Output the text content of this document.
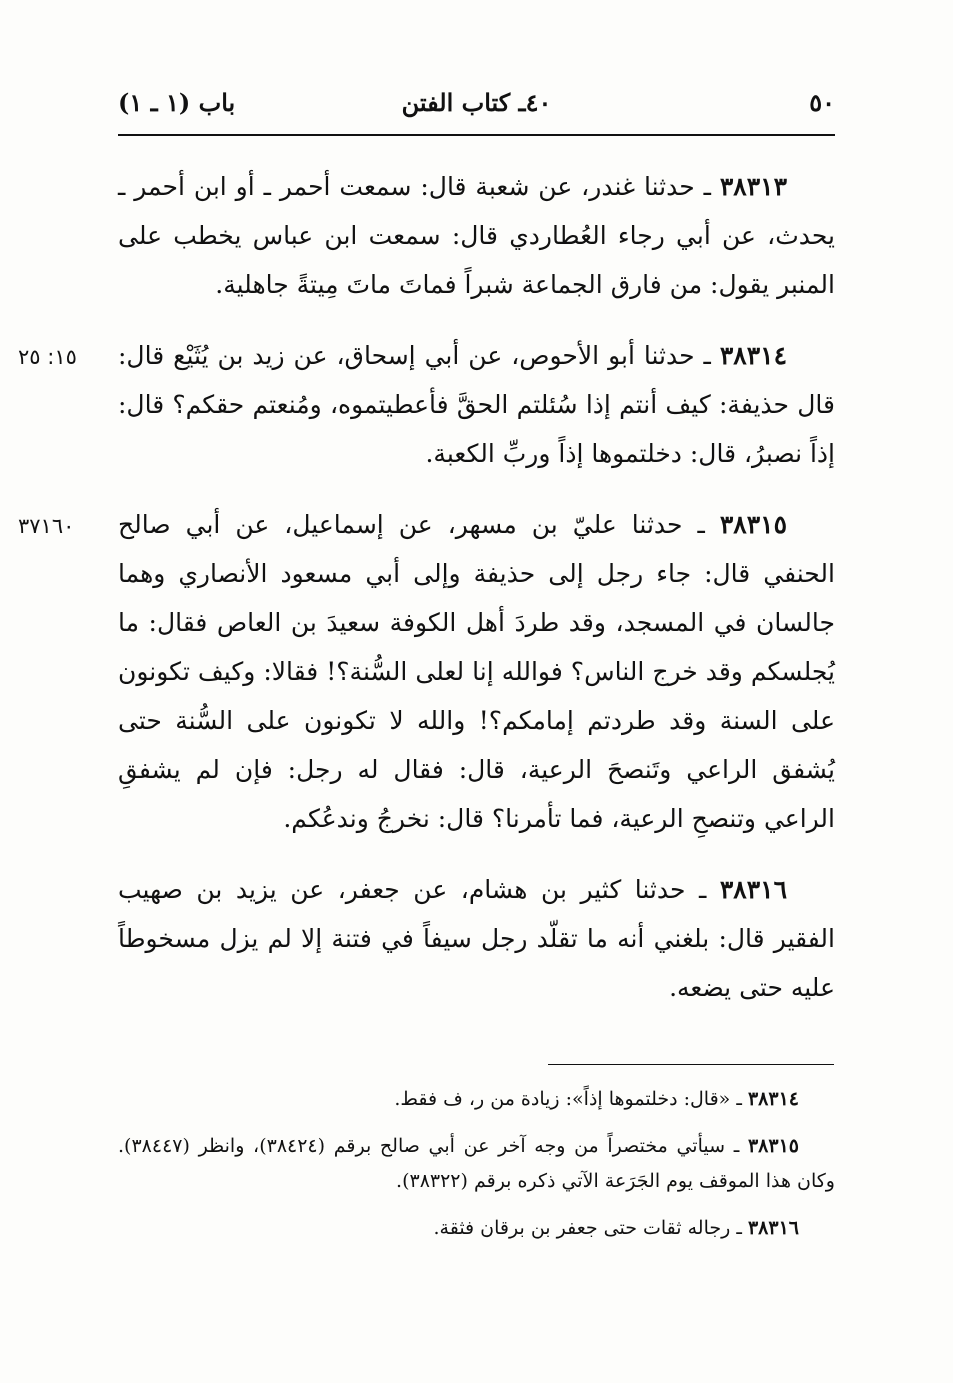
٥٠
٤٠ـ كتاب الفتن
باب (١ ـ ١)

٣٨٣١٣ ـ حدثنا غندر، عن شعبة قال: سمعت أحمر ـ أو ابن أحمر ـ يحدث، عن أبي رجاء العُطاردي قال: سمعت ابن عباس يخطب على المنبر يقول: من فارق الجماعة شبراً فماتَ ماتَ مِيتةً جاهلية.

١٥: ٢٥	٣٨٣١٤ ـ حدثنا أبو الأحوص، عن أبي إسحاق، عن زيد بن يُثَيْع قال: قال حذيفة: كيف أنتم إذا سُئلتم الحقَّ فأعطيتموه، ومُنعتم حقكم؟ قال: إذاً نصبرُ، قال: دخلتموها إذاً وربِّ الكعبة.

٣٧١٦٠	٣٨٣١٥ ـ حدثنا عليّ بن مسهر، عن إسماعيل، عن أبي صالح الحنفي قال: جاء رجل إلى حذيفة وإلى أبي مسعود الأنصاري وهما جالسان في المسجد، وقد طردَ أهل الكوفة سعيدَ بن العاص فقال: ما يُجلسكم وقد خرج الناس؟ فوالله إنا لعلى السُّنة؟! فقالا: وكيف تكونون على السنة وقد طردتم إمامكم؟! والله لا تكونون على السُّنة حتى يُشفق الراعي وتَنصحَ الرعية، قال: فقال له رجل: فإن لم يشفقِ الراعي وتنصحِ الرعية، فما تأمرنا؟ قال: نخرجُ وندعُكم.

٣٨٣١٦ ـ حدثنا كثير بن هشام، عن جعفر، عن يزيد بن صهيب الفقير قال: بلغني أنه ما تقلّد رجل سيفاً في فتنة إلا لم يزل مسخوطاً عليه حتى يضعه.

٣٨٣١٤ ـ «قال: دخلتموها إذاً»: زيادة من ر، ف فقط.

٣٨٣١٥ ـ سيأتي مختصراً من وجه آخر عن أبي صالح برقم (٣٨٤٢٤)، وانظر (٣٨٤٤٧). وكان هذا الموقف يوم الجَرَعة الآتي ذكره برقم (٣٨٣٢٢).

٣٨٣١٦ ـ رجاله ثقات حتى جعفر بن برقان فثقة.
